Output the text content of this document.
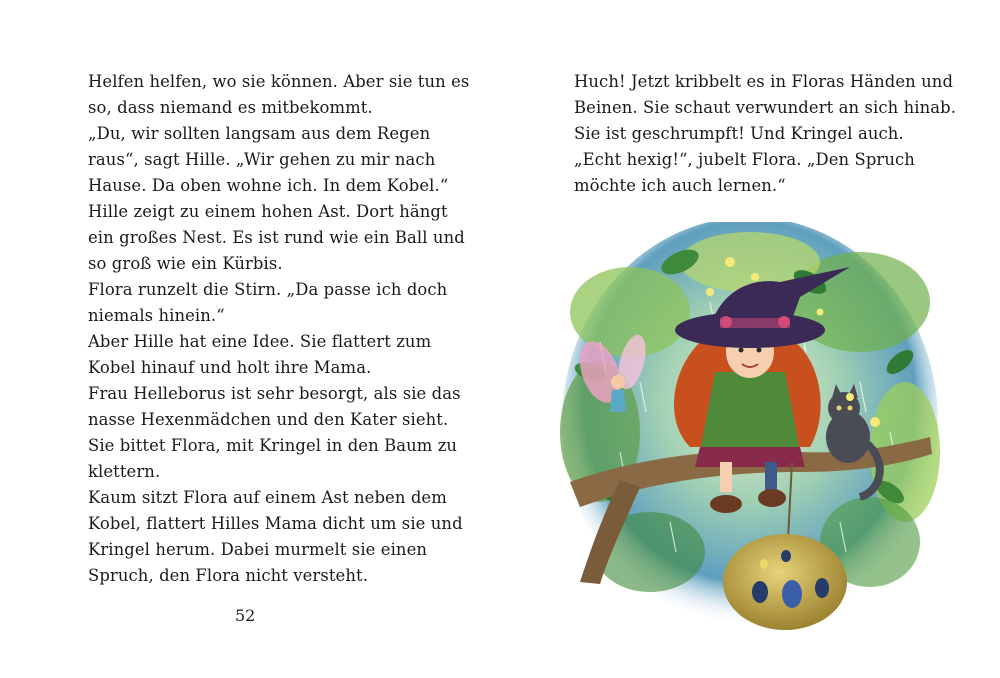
Helfen helfen, wo sie können. Aber sie tun es
so, dass niemand es mitbekommt.
„Du, wir sollten langsam aus dem Regen
raus“, sagt Hille. „Wir gehen zu mir nach
Hause. Da oben wohne ich. In dem Kobel.“
Hille zeigt zu einem hohen Ast. Dort hängt
ein großes Nest. Es ist rund wie ein Ball und
so groß wie ein Kürbis.
Flora runzelt die Stirn. „Da passe ich doch
niemals hinein.“
Aber Hille hat eine Idee. Sie flattert zum
Kobel hinauf und holt ihre Mama.
Frau Helleborus ist sehr besorgt, als sie das
nasse Hexenmädchen und den Kater sieht.
Sie bittet Flora, mit Kringel in den Baum zu
klettern.
Kaum sitzt Flora auf einem Ast neben dem
Kobel, flattert Hilles Mama dicht um sie und
Kringel herum. Dabei murmelt sie einen
Spruch, den Flora nicht versteht.
52
Huch! Jetzt kribbelt es in Floras Händen und
Beinen. Sie schaut verwundert an sich hinab.
Sie ist geschrumpft! Und Kringel auch.
„Echt hexig!“, jubelt Flora. „Den Spruch
möchte ich auch lernen.“
